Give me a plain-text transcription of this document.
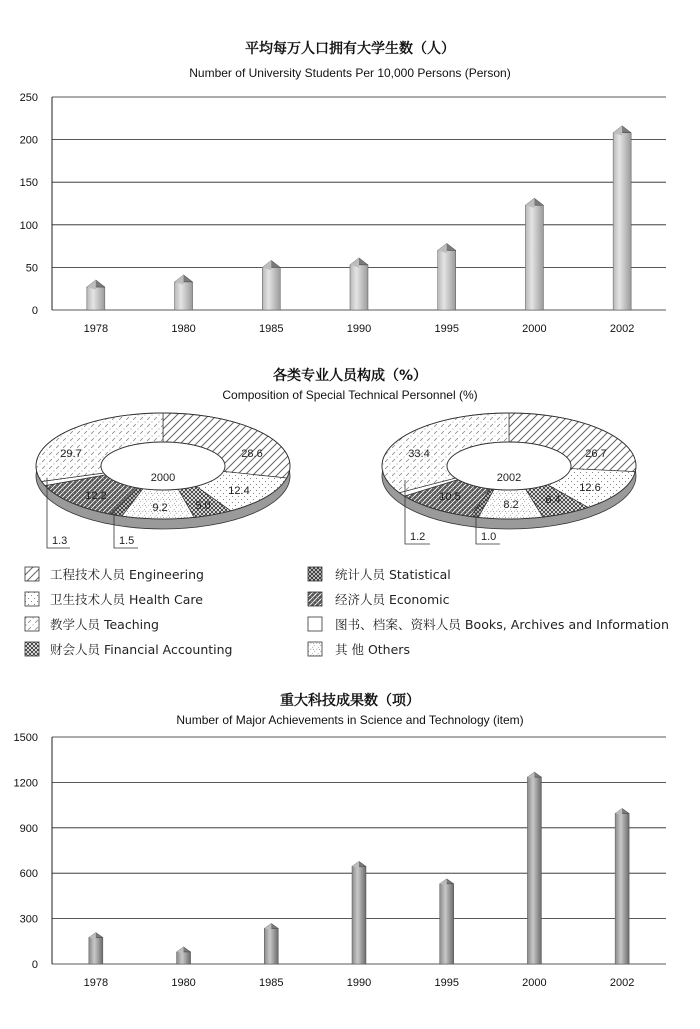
平均每万人口拥有大学生数（人）
Number of University Students Per 10,000 Persons (Person)
0
50
100
150
200
250
1978	1980	1985	1990	1995	2000	2002
各类专业人员构成（%）
Composition of Special Technical Personnel (%)
2000
28.6
12.4
29.7
5.0
9.2
12.2
1.3	1.5
2002
26.7
12.6
33.4
6.4
8.2
10.5
1.2	1.0
工程技术人员 Engineering
卫生技术人员 Health Care
教学人员 Teaching
财会人员 Financial Accounting
统计人员 Statistical
经济人员 Economic
图书、档案、资料人员 Books, Archives and Information
其 他 Others
重大科技成果数（项）
Number of Major Achievements in Science and Technology (item)
0
300
600
900
1200
1500
1978	1980	1985	1990	1995	2000	2002
